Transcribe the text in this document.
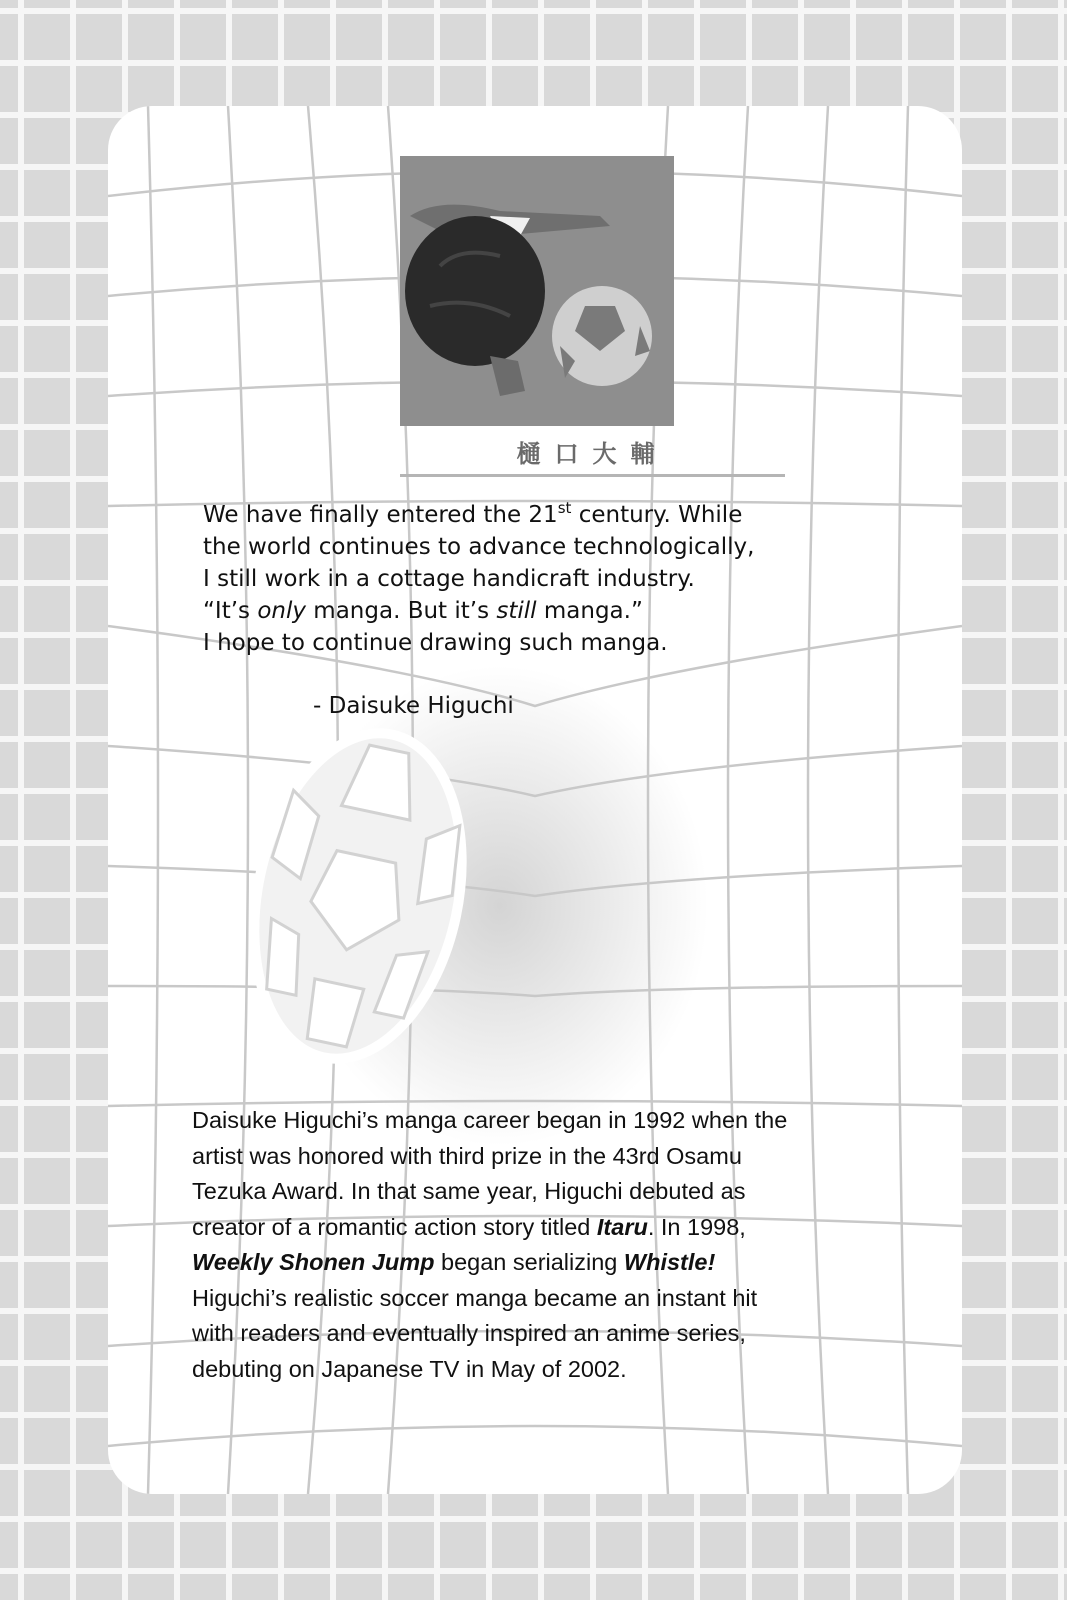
樋口大輔
We have finally entered the 21st century. While
the world continues to advance technologically,
I still work in a cottage handicraft industry.
“It’s only manga. But it’s still manga.”
I hope to continue drawing such manga.
- Daisuke Higuchi
Daisuke Higuchi’s manga career began in 1992 when the
artist was honored with third prize in the 43rd Osamu
Tezuka Award. In that same year, Higuchi debuted as
creator of a romantic action story titled Itaru. In 1998,
Weekly Shonen Jump began serializing Whistle!
Higuchi’s realistic soccer manga became an instant hit
with readers and eventually inspired an anime series,
debuting on Japanese TV in May of 2002.
